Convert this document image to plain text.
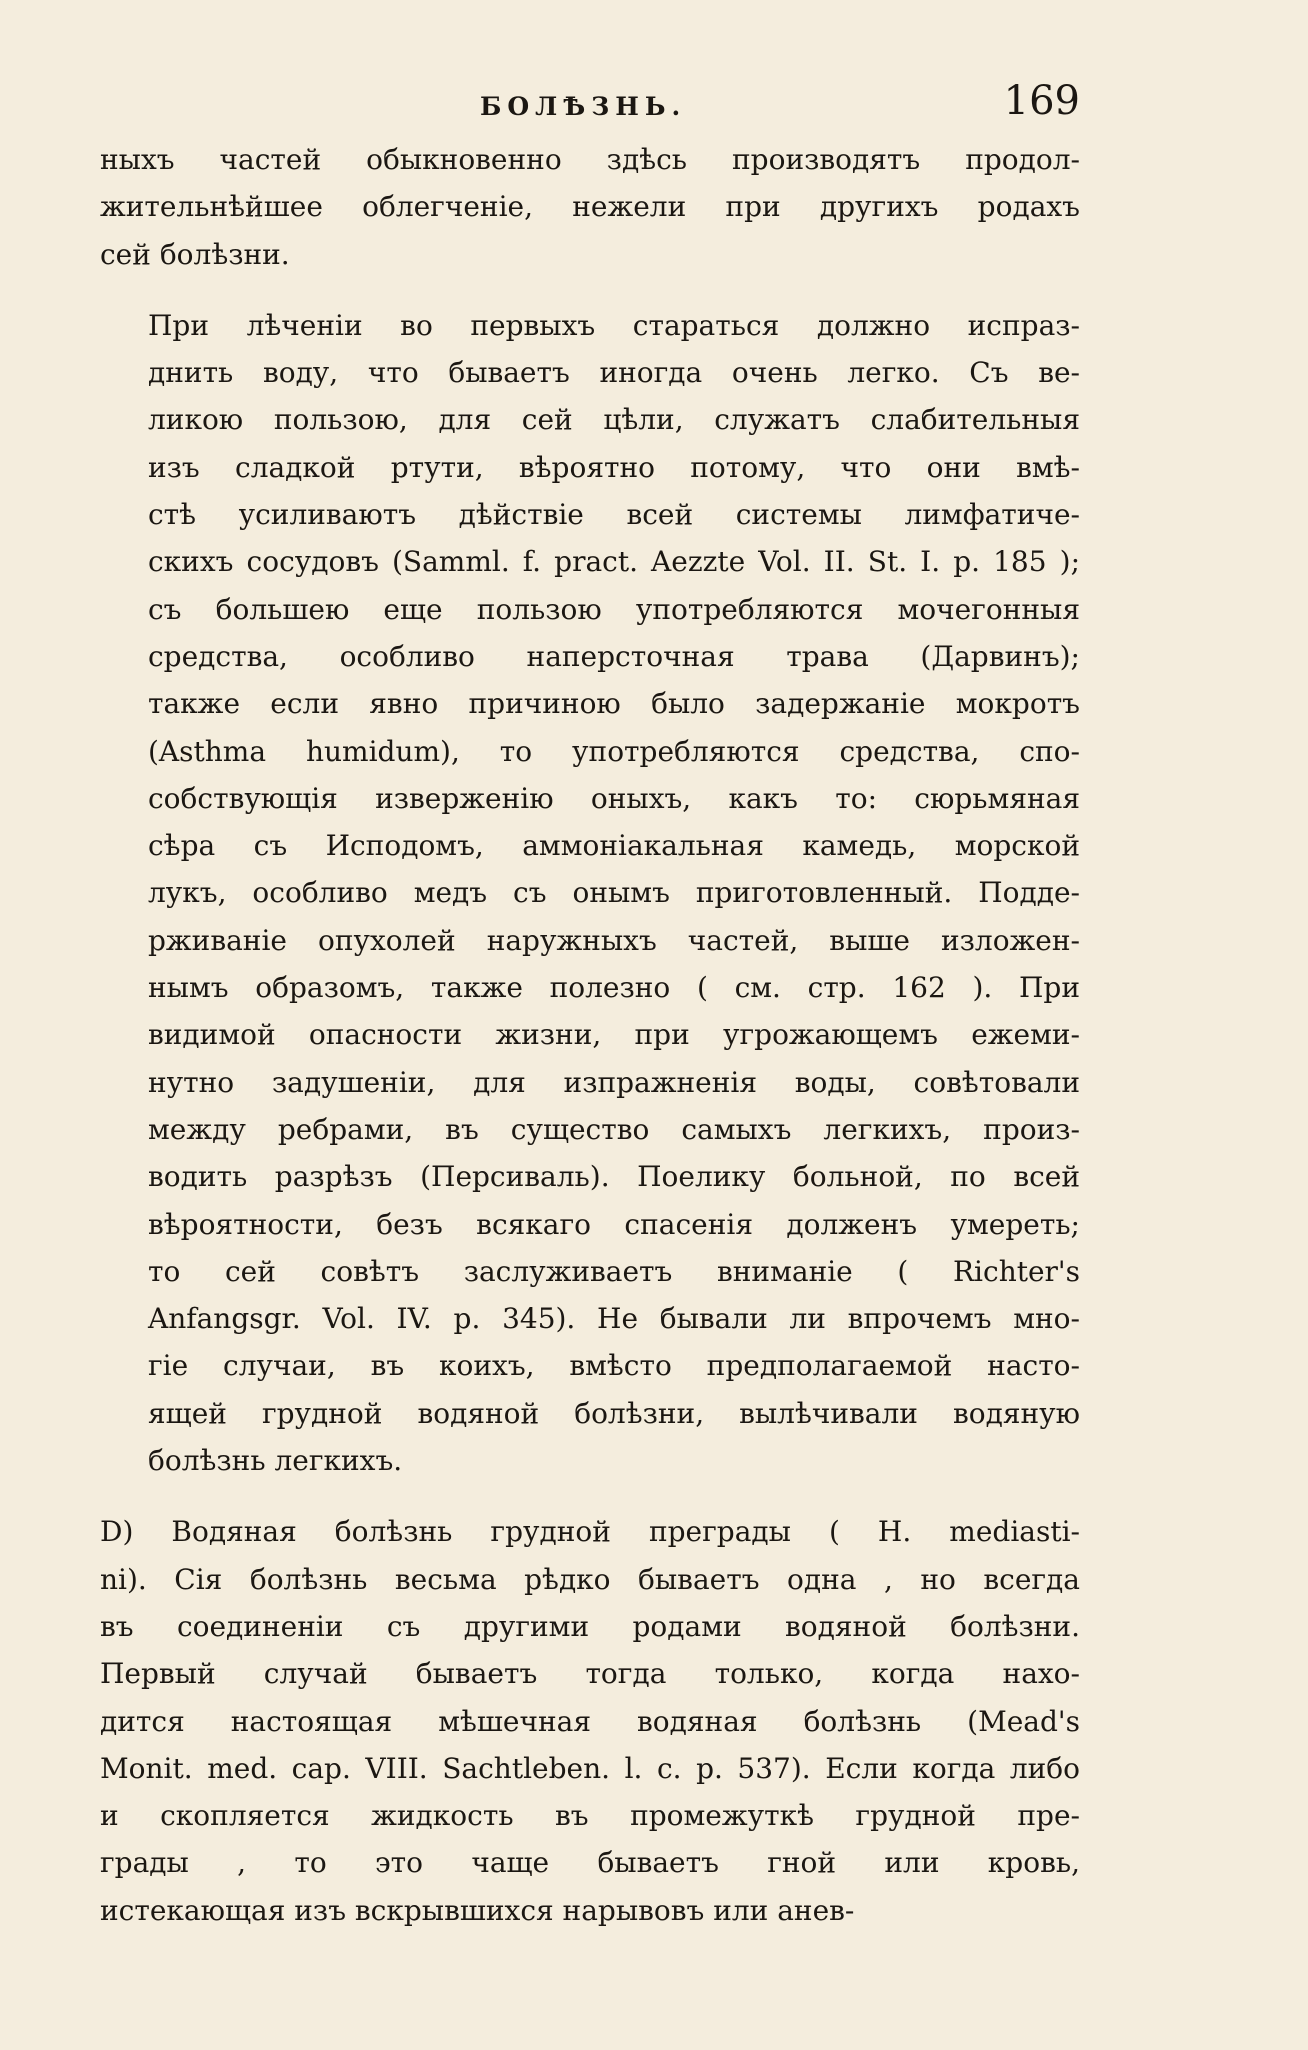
БОЛѢЗНЬ.	169
ныхъ частей обыкновенно здѣсь производятъ продол-
жительнѣйшее облегченіе, нежели при другихъ родахъ
сей болѣзни.
При лѣченіи во первыхъ стараться должно испраз-
днить воду, что бываетъ иногда очень легко. Съ ве-
ликою пользою, для сей цѣли, служатъ слабительныя
изъ сладкой ртути, вѣроятно потому, что они вмѣ-
стѣ усиливаютъ дѣйствіе всей системы лимфатиче-
скихъ сосудовъ (Samml. f. pract. Aezzte Vol. II. St. I. p. 185 );
съ большею еще пользою употребляются мочегонныя
средства, особливо наперсточная трава (Дарвинъ);
также если явно причиною было задержаніе мокротъ
(Asthma humidum), то употребляются средства, спо-
собствующія изверженію оныхъ, какъ то: сюрьмяная
сѣра съ Исподомъ, аммоніакальная камедь, морской
лукъ, особливо медъ съ онымъ приготовленный. Подде-
рживаніе опухолей наружныхъ частей, выше изложен-
нымъ образомъ, также полезно ( см. стр. 162 ). При
видимой опасности жизни, при угрожающемъ ежеми-
нутно задушеніи, для изпражненія воды, совѣтовали
между ребрами, въ существо самыхъ легкихъ, произ-
водить разрѣзъ (Персиваль). Поелику больной, по всей
вѣроятности, безъ всякаго спасенія долженъ умереть;
то сей совѣтъ заслуживаетъ вниманіе ( Richter's
Anfangsgr. Vol. IV. p. 345). Не бывали ли впрочемъ мно-
гіе случаи, въ коихъ, вмѣсто предполагаемой насто-
ящей грудной водяной болѣзни, вылѣчивали водяную
болѣзнь легкихъ.
D) Водяная болѣзнь грудной преграды ( H. mediasti-
ni). Сія болѣзнь весьма рѣдко бываетъ одна , но всегда
въ соединеніи съ другими родами водяной болѣзни.
Первый случай бываетъ тогда только, когда нахо-
дится настоящая мѣшечная водяная болѣзнь (Mead's
Monit. med. cap. VIII. Sachtleben. l. c. p. 537). Если когда либо
и скопляется жидкость въ промежуткѣ грудной пре-
грады , то это чаще бываетъ гной или кровь,
истекающая изъ вскрывшихся нарывовъ или анев-
